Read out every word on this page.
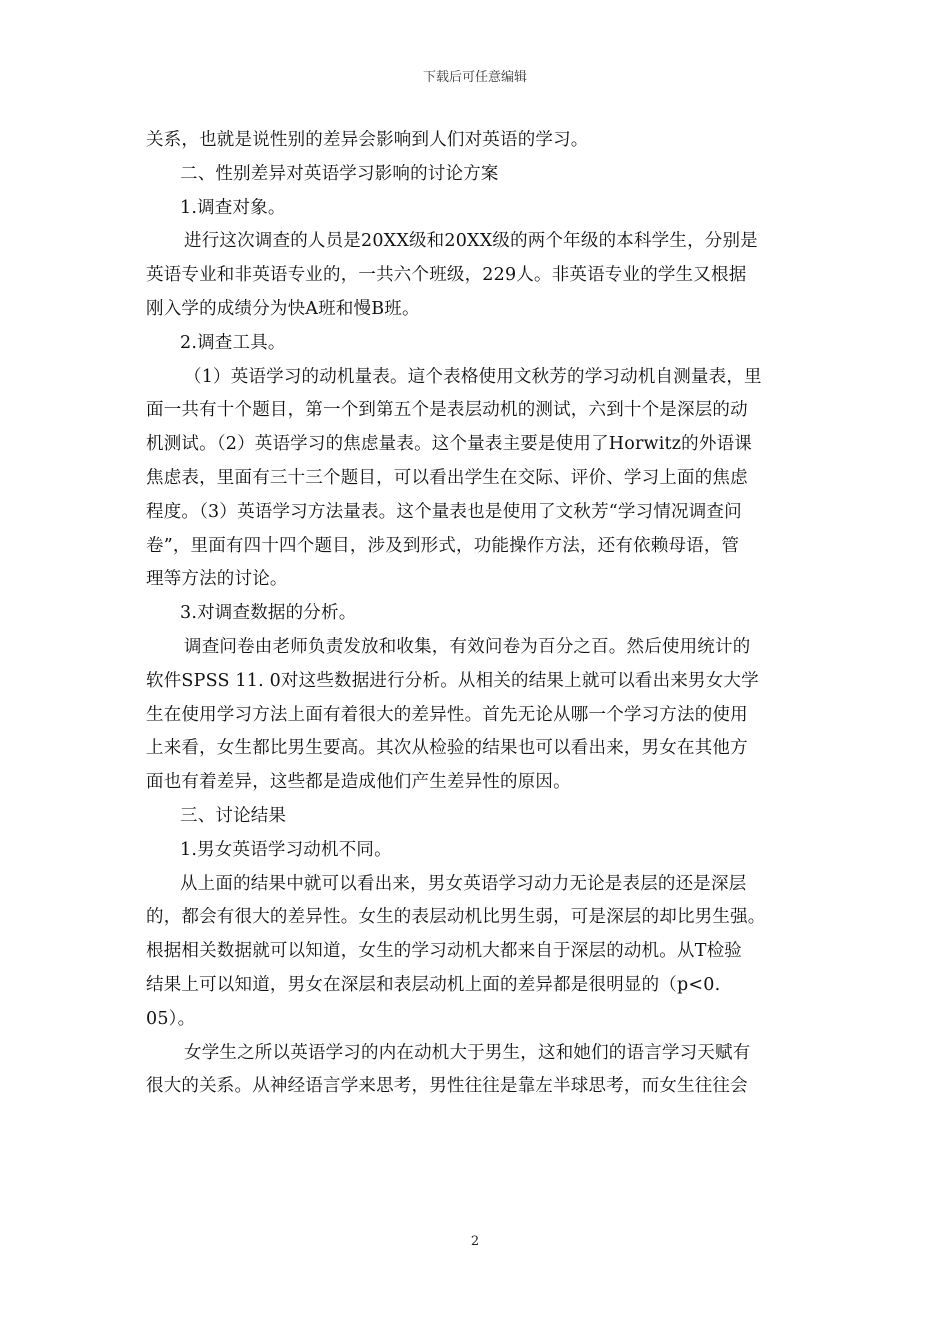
下载后可任意编辑
关系，也就是说性别的差异会影响到人们对英语的学习。
二、性别差异对英语学习影响的讨论方案
1.调查对象。
进行这次调查的人员是20XX级和20XX级的两个年级的本科学生，分别是
英语专业和非英语专业的，一共六个班级，229人。非英语专业的学生又根据
刚入学的成绩分为快A班和慢B班。
2.调查工具。
（1）英语学习的动机量表。這个表格使用文秋芳的学习动机自测量表，里
面一共有十个题目，第一个到第五个是表层动机的测试，六到十个是深层的动
机测试。（2）英语学习的焦虑量表。这个量表主要是使用了Horwitz的外语课
焦虑表，里面有三十三个题目，可以看出学生在交际、评价、学习上面的焦虑
程度。（3）英语学习方法量表。这个量表也是使用了文秋芳“学习情况调查问
卷”，里面有四十四个题目，涉及到形式，功能操作方法，还有依赖母语，管
理等方法的讨论。
3.对调查数据的分析。
调查问卷由老师负责发放和收集，有效问卷为百分之百。然后使用统计的
软件SPSS 11. 0对这些数据进行分析。从相关的结果上就可以看出来男女大学
生在使用学习方法上面有着很大的差异性。首先无论从哪一个学习方法的使用
上来看，女生都比男生要高。其次从检验的结果也可以看出来，男女在其他方
面也有着差异，这些都是造成他们产生差异性的原因。
三、讨论结果
1.男女英语学习动机不同。
从上面的结果中就可以看出来，男女英语学习动力无论是表层的还是深层
的，都会有很大的差异性。女生的表层动机比男生弱，可是深层的却比男生强。
根据相关数据就可以知道，女生的学习动机大都来自于深层的动机。从T检验
结果上可以知道，男女在深层和表层动机上面的差异都是很明显的（p<0.
05）。
女学生之所以英语学习的内在动机大于男生，这和她们的语言学习天赋有
很大的关系。从神经语言学来思考，男性往往是靠左半球思考，而女生往往会
2
